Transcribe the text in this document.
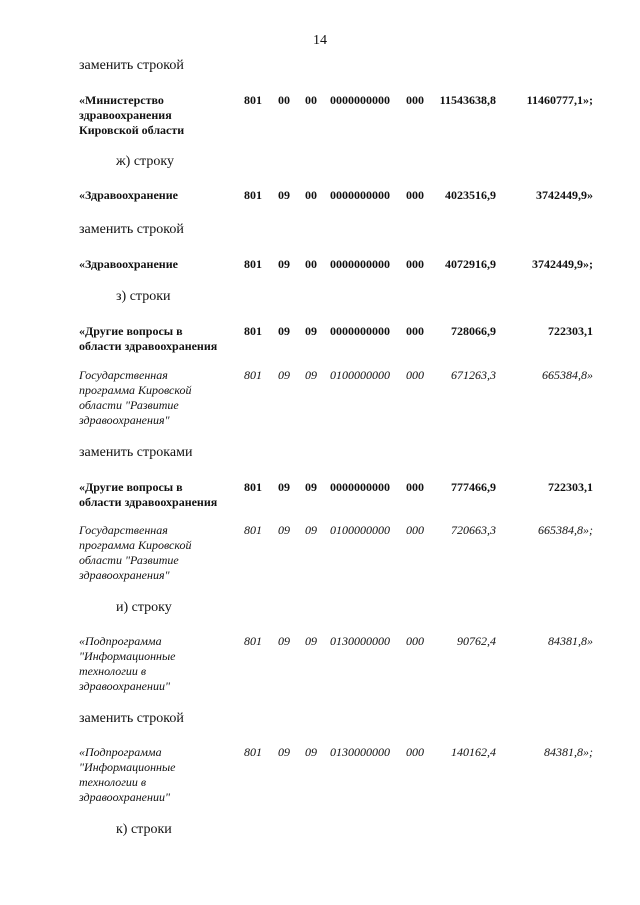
14
заменить строкой
«Министерство
здравоохранения
Кировской области
801 00 00 0000000000 000 11543638,8	11460777,1»;
ж) строку
«Здравоохранение	801 09 00 0000000000 000 4023516,9	3742449,9»
заменить строкой
«Здравоохранение	801 09 00 0000000000 000 4072916,9	3742449,9»;
з) строки
«Другие вопросы в
области здравоохранения
801 09 09 0000000000 000 728066,9	722303,1
Государственная
программа Кировской
области "Развитие
здравоохранения"
801 09 09 0100000000 000 671263,3	665384,8»
заменить строками
«Другие вопросы в
области здравоохранения
801 09 09 0000000000 000 777466,9	722303,1
Государственная
программа Кировской
области "Развитие
здравоохранения"
801 09 09 0100000000 000 720663,3	665384,8»;
и) строку
«Подпрограмма
"Информационные
технологии в
здравоохранении"
801 09 09 0130000000 000	90762,4	84381,8»
заменить строкой
«Подпрограмма
"Информационные
технологии в
здравоохранении"
801 09 09 0130000000 000 140162,4	84381,8»;
к) строки
